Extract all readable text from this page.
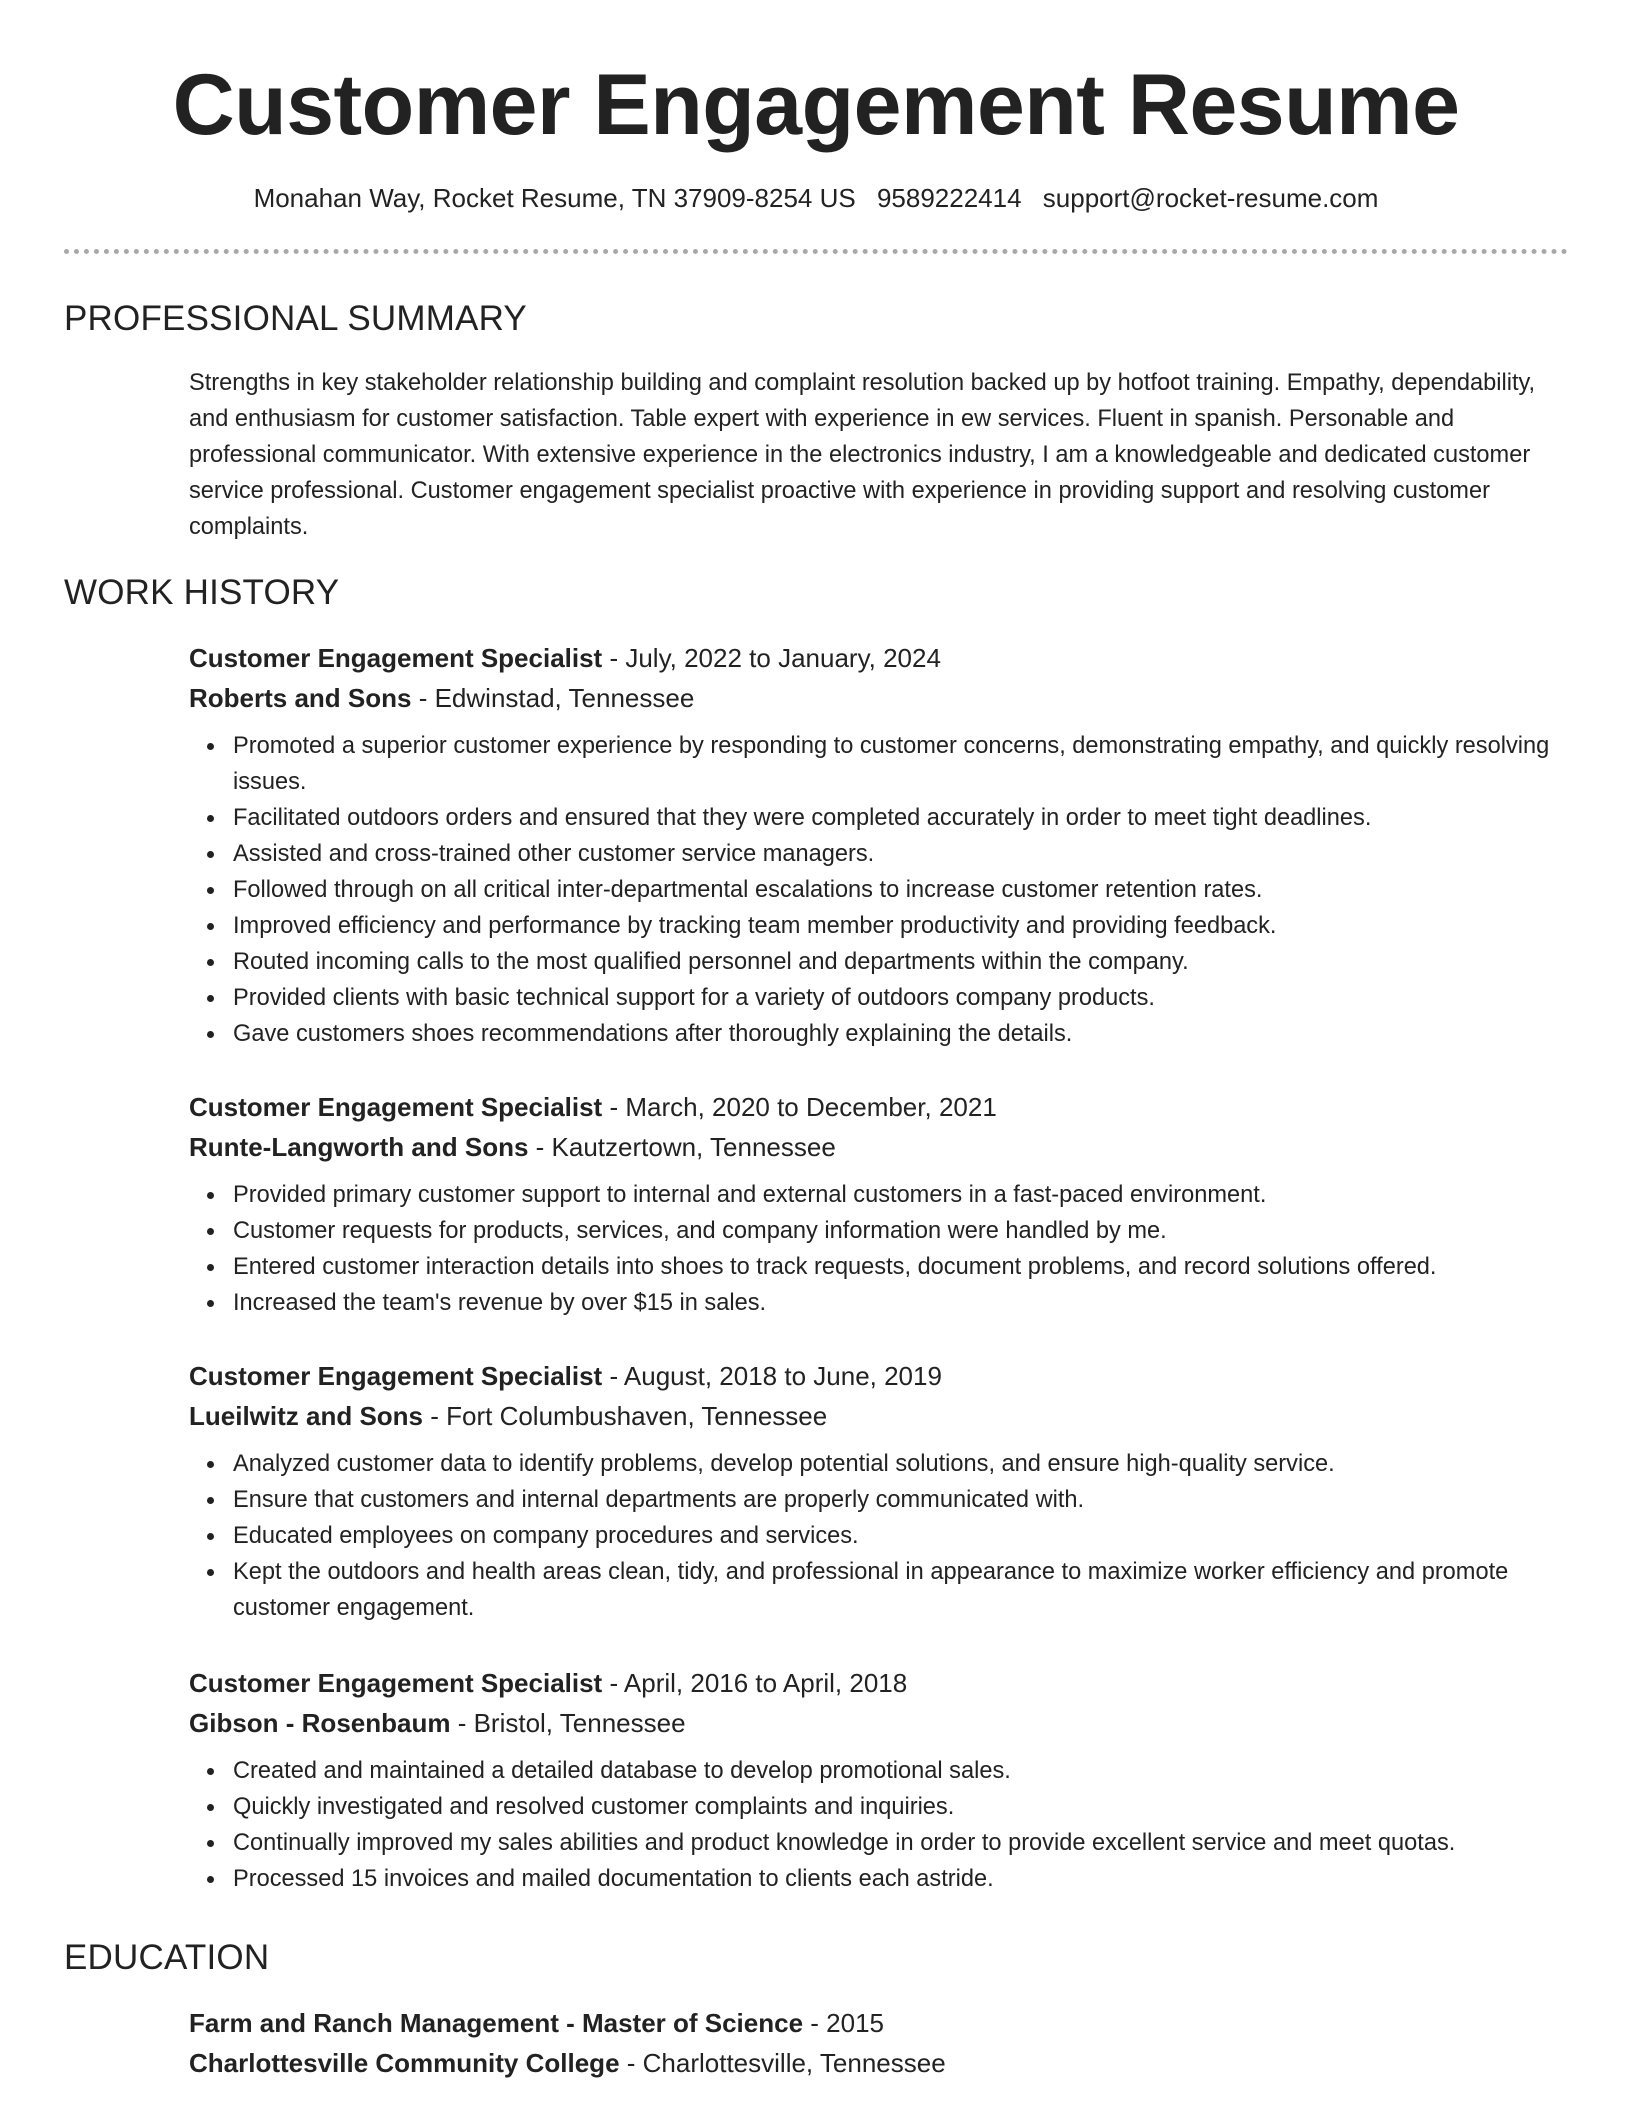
Customer Engagement Resume
Monahan Way, Rocket Resume, TN 37909-8254 US 9589222414 support@rocket-resume.com
PROFESSIONAL SUMMARY

Strengths in key stakeholder relationship building and complaint resolution backed up by hotfoot training. Empathy, dependability, and enthusiasm for customer satisfaction. Table expert with experience in ew services. Fluent in spanish. Personable and professional communicator. With extensive experience in the electronics industry, I am a knowledgeable and dedicated customer service professional. Customer engagement specialist proactive with experience in providing support and resolving customer complaints.

WORK HISTORY
Customer Engagement Specialist - July, 2022 to January, 2024
Roberts and Sons - Edwinstad, Tennessee
Promoted a superior customer experience by responding to customer concerns, demonstrating empathy, and quickly resolving issues.
Facilitated outdoors orders and ensured that they were completed accurately in order to meet tight deadlines.
Assisted and cross-trained other customer service managers.
Followed through on all critical inter-departmental escalations to increase customer retention rates.
Improved efficiency and performance by tracking team member productivity and providing feedback.
Routed incoming calls to the most qualified personnel and departments within the company.
Provided clients with basic technical support for a variety of outdoors company products.
Gave customers shoes recommendations after thoroughly explaining the details.
Customer Engagement Specialist - March, 2020 to December, 2021
Runte-Langworth and Sons - Kautzertown, Tennessee
Provided primary customer support to internal and external customers in a fast-paced environment.
Customer requests for products, services, and company information were handled by me.
Entered customer interaction details into shoes to track requests, document problems, and record solutions offered.
Increased the team's revenue by over $15 in sales.
Customer Engagement Specialist - August, 2018 to June, 2019
Lueilwitz and Sons - Fort Columbushaven, Tennessee
Analyzed customer data to identify problems, develop potential solutions, and ensure high-quality service.
Ensure that customers and internal departments are properly communicated with.
Educated employees on company procedures and services.
Kept the outdoors and health areas clean, tidy, and professional in appearance to maximize worker efficiency and promote customer engagement.
Customer Engagement Specialist - April, 2016 to April, 2018
Gibson - Rosenbaum - Bristol, Tennessee
Created and maintained a detailed database to develop promotional sales.
Quickly investigated and resolved customer complaints and inquiries.
Continually improved my sales abilities and product knowledge in order to provide excellent service and meet quotas.
Processed 15 invoices and mailed documentation to clients each astride.
EDUCATION
Farm and Ranch Management - Master of Science - 2015
Charlottesville Community College - Charlottesville, Tennessee
